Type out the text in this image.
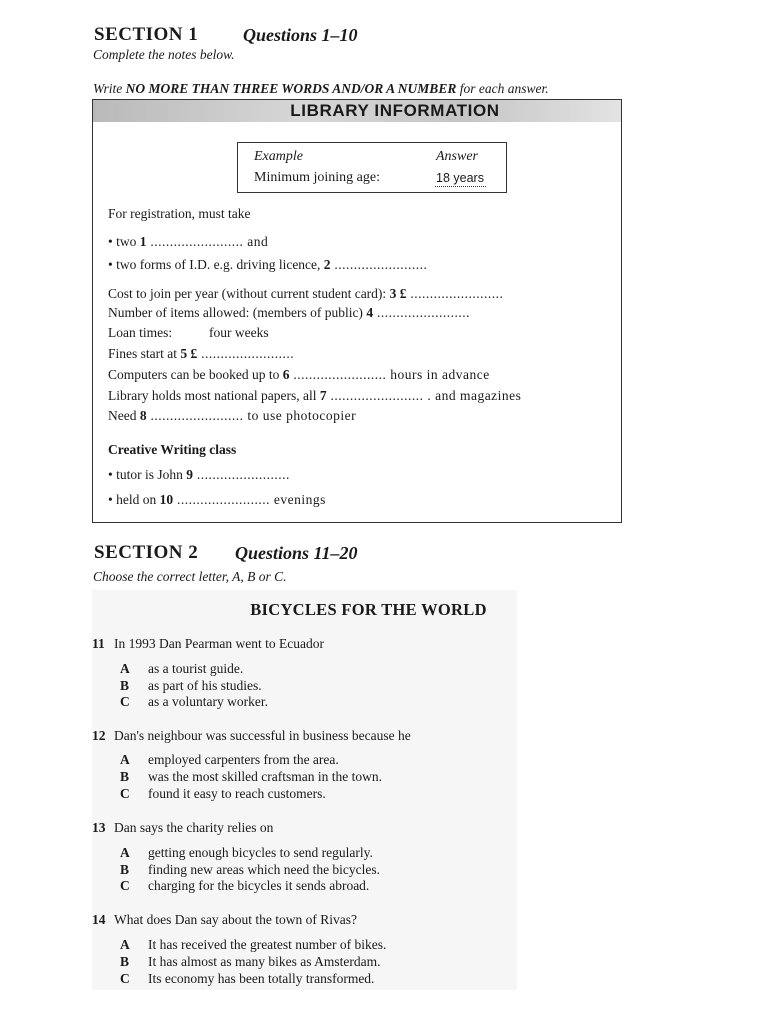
SECTION 1 Questions 1–10
Complete the notes below.
Write NO MORE THAN THREE WORDS AND/OR A NUMBER for each answer.
LIBRARY INFORMATION
Example	Answer
Minimum joining age:	18 years
For registration, must take
• two 1 ........................ and
• two forms of I.D. e.g. driving licence, 2 ........................
Cost to join per year (without current student card): 3 £ ........................
Number of items allowed: (members of public) 4 ........................
Loan times:	four weeks
Fines start at 5 £ ........................
Computers can be booked up to 6 ........................ hours in advance
Library holds most national papers, all 7 ........................ . and magazines
Need 8 ........................ to use photocopier
Creative Writing class
• tutor is John 9 ........................
• held on 10 ........................ evenings
SECTION 2 Questions 11–20
Choose the correct letter, A, B or C.
BICYCLES FOR THE WORLD
11 In 1993 Dan Pearman went to Ecuador
A as a tourist guide.
B as part of his studies.
C as a voluntary worker.
12 Dan's neighbour was successful in business because he
A employed carpenters from the area.
B was the most skilled craftsman in the town.
C found it easy to reach customers.
13 Dan says the charity relies on
A getting enough bicycles to send regularly.
B finding new areas which need the bicycles.
C charging for the bicycles it sends abroad.
14 What does Dan say about the town of Rivas?
A It has received the greatest number of bikes.
B It has almost as many bikes as Amsterdam.
C Its economy has been totally transformed.
